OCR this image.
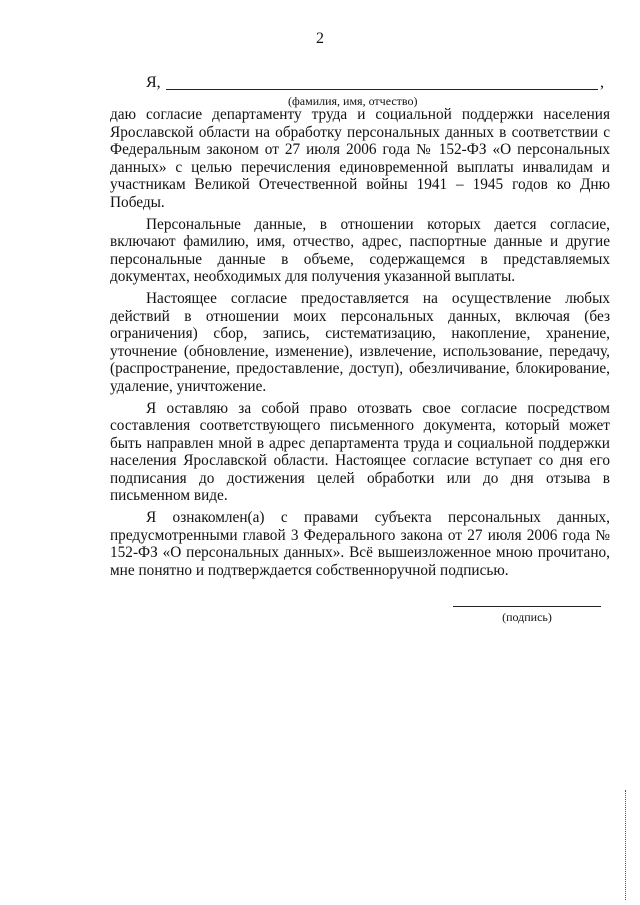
2
Я,	,
(фамилия, имя, отчество)

даю согласие департаменту труда и социальной поддержки населения Ярославской области на обработку персональных данных в соответствии с Федеральным законом от 27 июля 2006 года № 152-ФЗ «О персональных данных» с целью перечисления единовременной выплаты инвалидам и участникам Великой Отечественной войны 1941 – 1945 годов ко Дню Победы.

Персональные данные, в отношении которых дается согласие, включают фамилию, имя, отчество, адрес, паспортные данные и другие персональные данные в объеме, содержащемся в представляемых документах, необходимых для получения указанной выплаты.

Настоящее согласие предоставляется на осуществление любых действий в отношении моих персональных данных, включая (без ограничения) сбор, запись, систематизацию, накопление, хранение, уточнение (обновление, изменение), извлечение, использование, передачу, (распространение, предоставление, доступ), обезличивание, блокирование, удаление, уничтожение.

Я оставляю за собой право отозвать свое согласие посредством составления соответствующего письменного документа, который может быть направлен мной в адрес департамента труда и социальной поддержки населения Ярославской области. Настоящее согласие вступает со дня его подписания до достижения целей обработки или до дня отзыва в письменном виде.

Я ознакомлен(а) с правами субъекта персональных данных, предусмотренными главой 3 Федерального закона от 27 июля 2006 года № 152-ФЗ «О персональных данных». Всё вышеизложенное мною прочитано, мне понятно и подтверждается собственноручной подписью.

(подпись)
